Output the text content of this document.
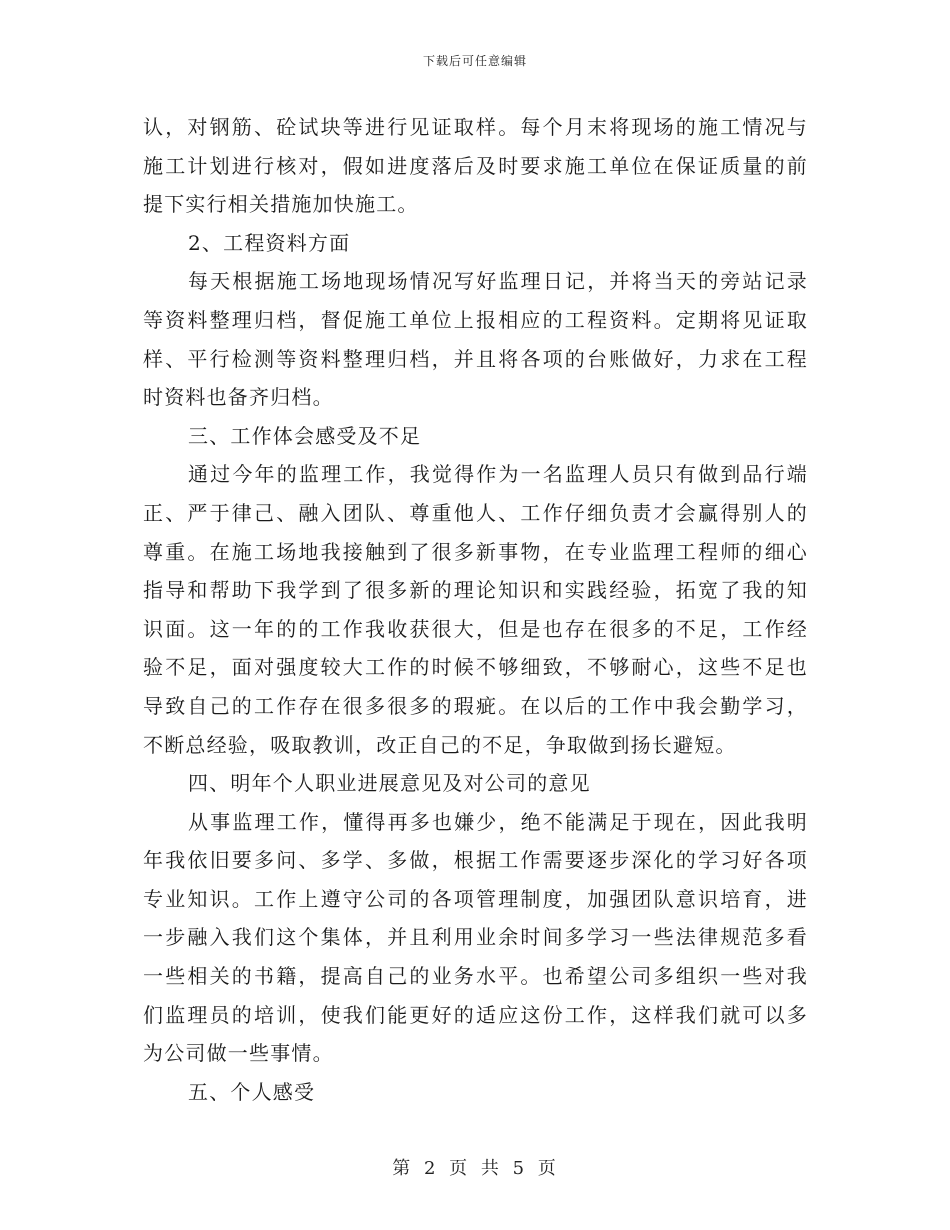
下载后可任意编辑
认，对钢筋、砼试块等进行见证取样。每个月末将现场的施工情况与
施工计划进行核对，假如进度落后及时要求施工单位在保证质量的前
提下实行相关措施加快施工。
2、工程资料方面
每天根据施工场地现场情况写好监理日记，并将当天的旁站记录
等资料整理归档，督促施工单位上报相应的工程资料。定期将见证取
样、平行检测等资料整理归档，并且将各项的台账做好，力求在工程
时资料也备齐归档。
三、工作体会感受及不足
通过今年的监理工作，我觉得作为一名监理人员只有做到品行端
正、严于律己、融入团队、尊重他人、工作仔细负责才会赢得别人的
尊重。在施工场地我接触到了很多新事物，在专业监理工程师的细心
指导和帮助下我学到了很多新的理论知识和实践经验，拓宽了我的知
识面。这一年的的工作我收获很大，但是也存在很多的不足，工作经
验不足，面对强度较大工作的时候不够细致，不够耐心，这些不足也
导致自己的工作存在很多很多的瑕疵。在以后的工作中我会勤学习，
不断总经验，吸取教训，改正自己的不足，争取做到扬长避短。
四、明年个人职业进展意见及对公司的意见
从事监理工作，懂得再多也嫌少，绝不能满足于现在，因此我明
年我依旧要多问、多学、多做，根据工作需要逐步深化的学习好各项
专业知识。工作上遵守公司的各项管理制度，加强团队意识培育，进
一步融入我们这个集体，并且利用业余时间多学习一些法律规范多看
一些相关的书籍，提高自己的业务水平。也希望公司多组织一些对我
们监理员的培训，使我们能更好的适应这份工作，这样我们就可以多
为公司做一些事情。
五、个人感受
第 2 页 共 5 页
